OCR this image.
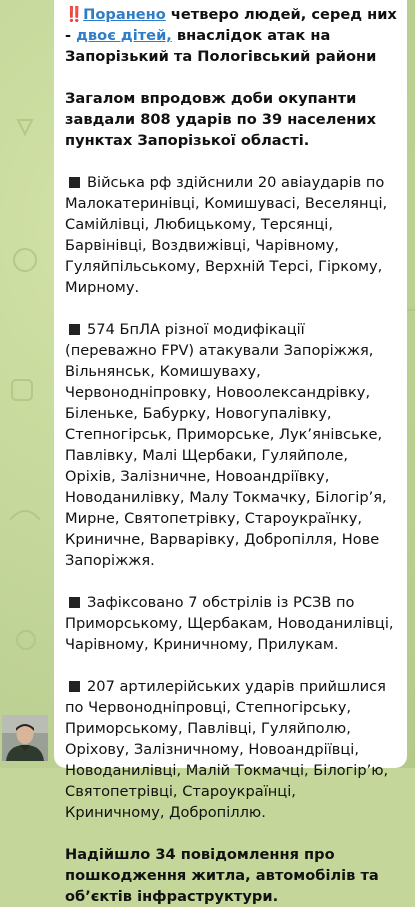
‼️Поранено четверо людей, серед них - двоє дітей, внаслідок атак на Запорізький та Пологівський райони

Загалом впродовж доби окупанти завдали 808 ударів по 39 населених пунктах Запорізької області.

Війська рф здійснили 20 авіаударів по Малокатеринівці, Комишувасі, Веселянці, Самійлівці, Любицькому, Терсянці, Барвінівці, Воздвижівці, Чарівному, Гуляйпільському, Верхній Терсі, Гіркому, Мирному.

574 БпЛА різної модифікації (переважно FPV) атакували Запоріжжя, Вільнянськ, Комишуваху, Червонодніпровку, Новоолександрівку, Біленьке, Бабурку, Новогупалівку, Степногірськ, Приморське, Лук’янівське, Павлівку, Малі Щербаки, Гуляйполе, Оріхів, Залізничне, Новоандріївку, Новоданилівку, Малу Токмачку, Білогір’я, Мирне, Святопетрівку, Староукраїнку, Криничне, Варварівку, Добропілля, Нове Запоріжжя.

Зафіксовано 7 обстрілів із РСЗВ по Приморському, Щербакам, Новоданилівці, Чарівному, Криничному, Прилукам.

207 артилерійських ударів прийшлися по Червонодніпровці, Степногірську, Приморському, Павлівці, Гуляйполю, Оріхову, Залізничному, Новоандріївці, Новоданилівці, Малій Токмачці, Білогір’ю, Святопетрівці, Староукраїнці, Криничному, Добропіллю.

Надійшло 34 повідомлення про пошкодження житла, автомобілів та об’єктів інфраструктури.
